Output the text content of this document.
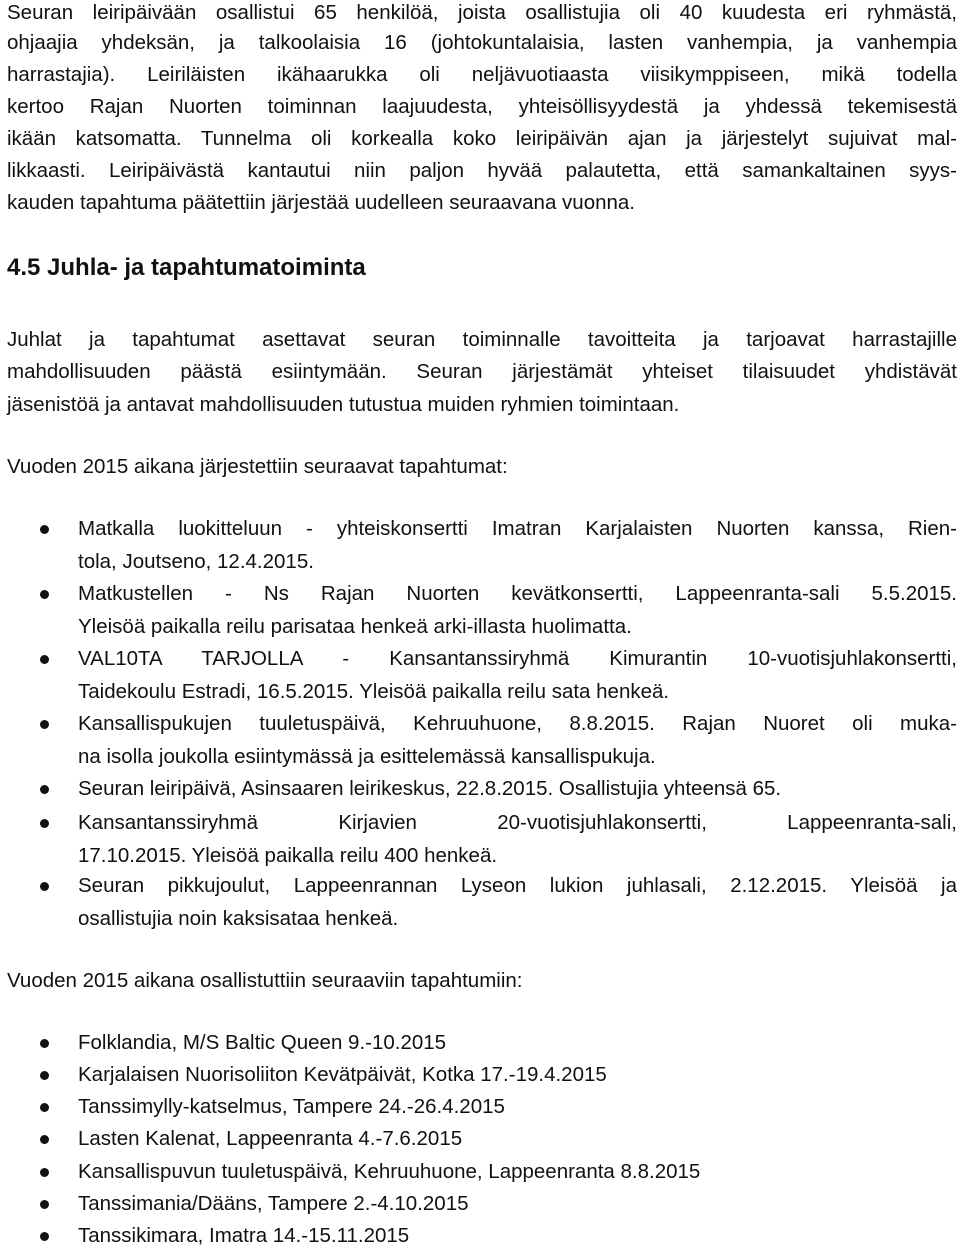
Seuran leiripäivään osallistui 65 henkilöä, joista osallistujia oli 40 kuudesta eri ryhmästä,
ohjaajia yhdeksän, ja talkoolaisia 16 (johtokuntalaisia, lasten vanhempia, ja vanhempia
harrastajia). Leiriläisten ikähaarukka oli neljävuotiaasta viisikymppiseen, mikä todella
kertoo Rajan Nuorten toiminnan laajuudesta, yhteisöllisyydestä ja yhdessä tekemisestä
ikään katsomatta. Tunnelma oli korkealla koko leiripäivän ajan ja järjestelyt sujuivat mal-
likkaasti. Leiripäivästä kantautui niin paljon hyvää palautetta, että samankaltainen syys-
kauden tapahtuma päätettiin järjestää uudelleen seuraavana vuonna.
4.5 Juhla- ja tapahtumatoiminta
Juhlat ja tapahtumat asettavat seuran toiminnalle tavoitteita ja tarjoavat harrastajille
mahdollisuuden päästä esiintymään. Seuran järjestämät yhteiset tilaisuudet yhdistävät
jäsenistöä ja antavat mahdollisuuden tutustua muiden ryhmien toimintaan.
Vuoden 2015 aikana järjestettiin seuraavat tapahtumat:
Matkalla luokitteluun - yhteiskonsertti Imatran Karjalaisten Nuorten kanssa, Rien-
tola, Joutseno, 12.4.2015.
Matkustellen - Ns Rajan Nuorten kevätkonsertti, Lappeenranta-sali 5.5.2015.
Yleisöä paikalla reilu parisataa henkeä arki-illasta huolimatta.
VAL10TA TARJOLLA - Kansantanssiryhmä Kimurantin 10-vuotisjuhlakonsertti,
Taidekoulu Estradi, 16.5.2015. Yleisöä paikalla reilu sata henkeä.
Kansallispukujen tuuletuspäivä, Kehruuhuone, 8.8.2015. Rajan Nuoret oli muka-
na isolla joukolla esiintymässä ja esittelemässä kansallispukuja.
Seuran leiripäivä, Asinsaaren leirikeskus, 22.8.2015. Osallistujia yhteensä 65.
Kansantanssiryhmä Kirjavien 20-vuotisjuhlakonsertti, Lappeenranta-sali,
17.10.2015. Yleisöä paikalla reilu 400 henkeä.
Seuran pikkujoulut, Lappeenrannan Lyseon lukion juhlasali, 2.12.2015. Yleisöä ja
osallistujia noin kaksisataa henkeä.
Vuoden 2015 aikana osallistuttiin seuraaviin tapahtumiin:
Folklandia, M/S Baltic Queen 9.-10.2015
Karjalaisen Nuorisoliiton Kevätpäivät, Kotka 17.-19.4.2015
Tanssimylly-katselmus, Tampere 24.-26.4.2015
Lasten Kalenat, Lappeenranta 4.-7.6.2015
Kansallispuvun tuuletuspäivä, Kehruuhuone, Lappeenranta 8.8.2015
Tanssimania/Dääns, Tampere 2.-4.10.2015
Tanssikimara, Imatra 14.-15.11.2015
